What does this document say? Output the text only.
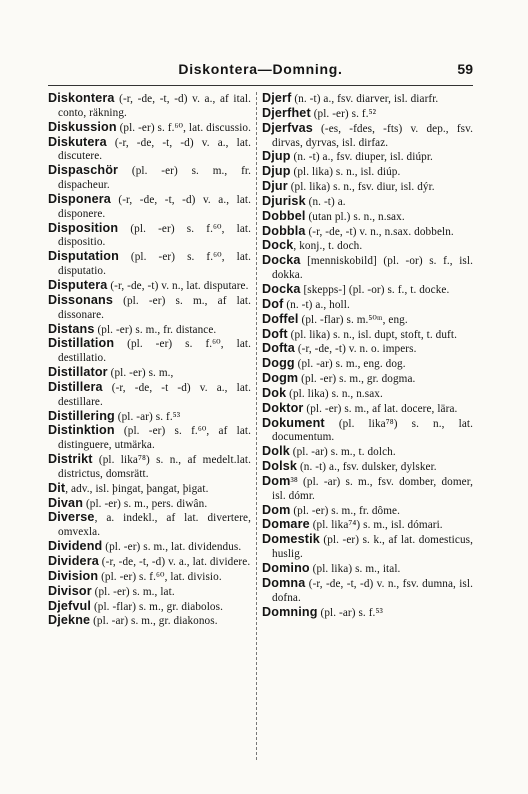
Diskontera—Domning.	59

Diskontera (-r, -de, -t, -d) v. a., af ital. conto, räkning.

Diskussion (pl. -er) s. f.⁶⁰, lat. discussio.

Diskutera (-r, -de, -t, -d) v. a., lat. discutere.

Dispaschör (pl. -er) s. m., fr. dispacheur.

Disponera (-r, -de, -t, -d) v. a., lat. disponere.

Disposition (pl. -er) s. f.⁶⁰, lat. dispositio.

Disputation (pl. -er) s. f.⁶⁰, lat. disputatio.

Disputera (-r, -de, -t) v. n., lat. disputare.

Dissonans (pl. -er) s. m., af lat. dissonare.

Distans (pl. -er) s. m., fr. distance.

Distillation (pl. -er) s. f.⁶⁰, lat. destillatio.

Distillator (pl. -er) s. m.,

Distillera (-r, -de, -t -d) v. a., lat. destillare.

Distillering (pl. -ar) s. f.⁵³

Distinktion (pl. -er) s. f.⁶⁰, af lat. distinguere, utmärka.

Distrikt (pl. lika⁷⁸) s. n., af medelt.lat. districtus, domsrätt.

Dit, adv., isl. þingat, þangat, þigat.

Divan (pl. -er) s. m., pers. diwân.

Diverse, a. indekl., af lat. divertere, omvexla.

Dividend (pl. -er) s. m., lat. dividendus.

Dividera (-r, -de, -t, -d) v. a., lat. dividere.

Division (pl. -er) s. f.⁶⁰, lat. divisio.

Divisor (pl. -er) s. m., lat.

Djefvul (pl. -flar) s. m., gr. diabolos.

Djekne (pl. -ar) s. m., gr. diakonos.

Djerf (n. -t) a., fsv. diarver, isl. diarfr.

Djerfhet (pl. -er) s. f.⁵²

Djerfvas (-es, -fdes, -fts) v. dep., fsv. dirvas, dyrvas, isl. dirfaz.

Djup (n. -t) a., fsv. diuper, isl. diúpr.

Djup (pl. lika) s. n., isl. diúp.

Djur (pl. lika) s. n., fsv. diur, isl. dýr.

Djurisk (n. -t) a.

Dobbel (utan pl.) s. n., n.sax.

Dobbla (-r, -de, -t) v. n., n.sax. dobbeln.

Dock, konj., t. doch.

Docka [menniskobild] (pl. -or) s. f., isl. dokka.

Docka [skepps-] (pl. -or) s. f., t. docke.

Dof (n. -t) a., holl.

Doffel (pl. -flar) s. m.⁵⁰ᵐ, eng.

Doft (pl. lika) s. n., isl. dupt, stoft, t. duft.

Dofta (-r, -de, -t) v. n. o. impers.

Dogg (pl. -ar) s. m., eng. dog.

Dogm (pl. -er) s. m., gr. dogma.

Dok (pl. lika) s. n., n.sax.

Doktor (pl. -er) s. m., af lat. docere, lära.

Dokument (pl. lika⁷⁸) s. n., lat. documentum.

Dolk (pl. -ar) s. m., t. dolch.

Dolsk (n. -t) a., fsv. dulsker, dylsker.

Dom³⁸ (pl. -ar) s. m., fsv. domber, domer, isl. dómr.

Dom (pl. -er) s. m., fr. dôme.

Domare (pl. lika⁷⁴) s. m., isl. dómari.

Domestik (pl. -er) s. k., af lat. domesticus, huslig.

Domino (pl. lika) s. m., ital.

Domna (-r, -de, -t, -d) v. n., fsv. dumna, isl. dofna.

Domning (pl. -ar) s. f.⁵³
